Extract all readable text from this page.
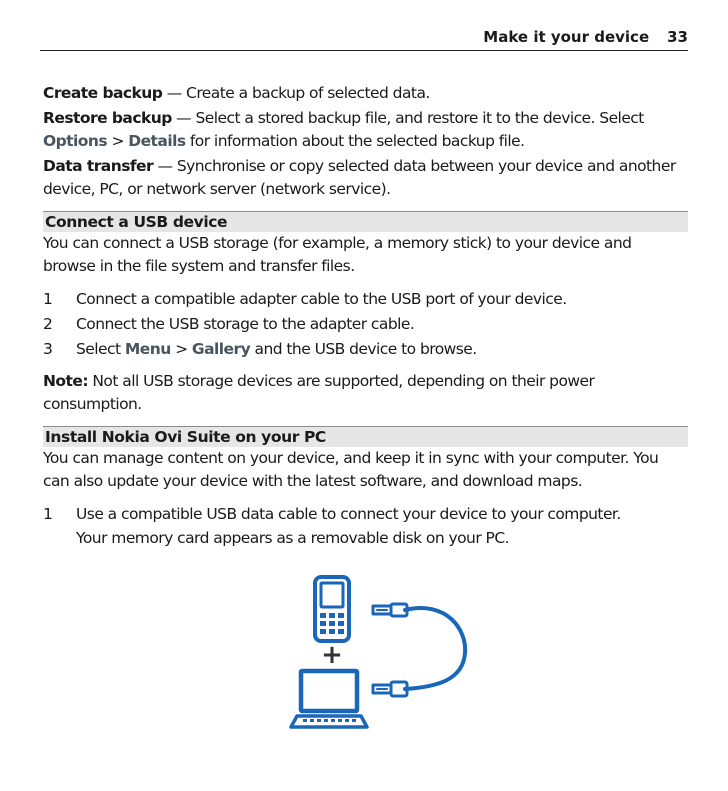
Make it your device 33

Create backup — Create a backup of selected data.

Restore backup — Select a stored backup file, and restore it to the device. Select Options > Details for information about the selected backup file.

Data transfer — Synchronise or copy selected data between your device and another device, PC, or network server (network service).

Connect a USB device

You can connect a USB storage (for example, a memory stick) to your device and browse in the file system and transfer files.

1	Connect a compatible adapter cable to the USB port of your device.
2	Connect the USB storage to the adapter cable.
3	Select Menu > Gallery and the USB device to browse.

Note: Not all USB storage devices are supported, depending on their power consumption.

Install Nokia Ovi Suite on your PC

You can manage content on your device, and keep it in sync with your computer. You can also update your device with the latest software, and download maps.

1	Use a compatible USB data cable to connect your device to your computer.

Your memory card appears as a removable disk on your PC.

+
